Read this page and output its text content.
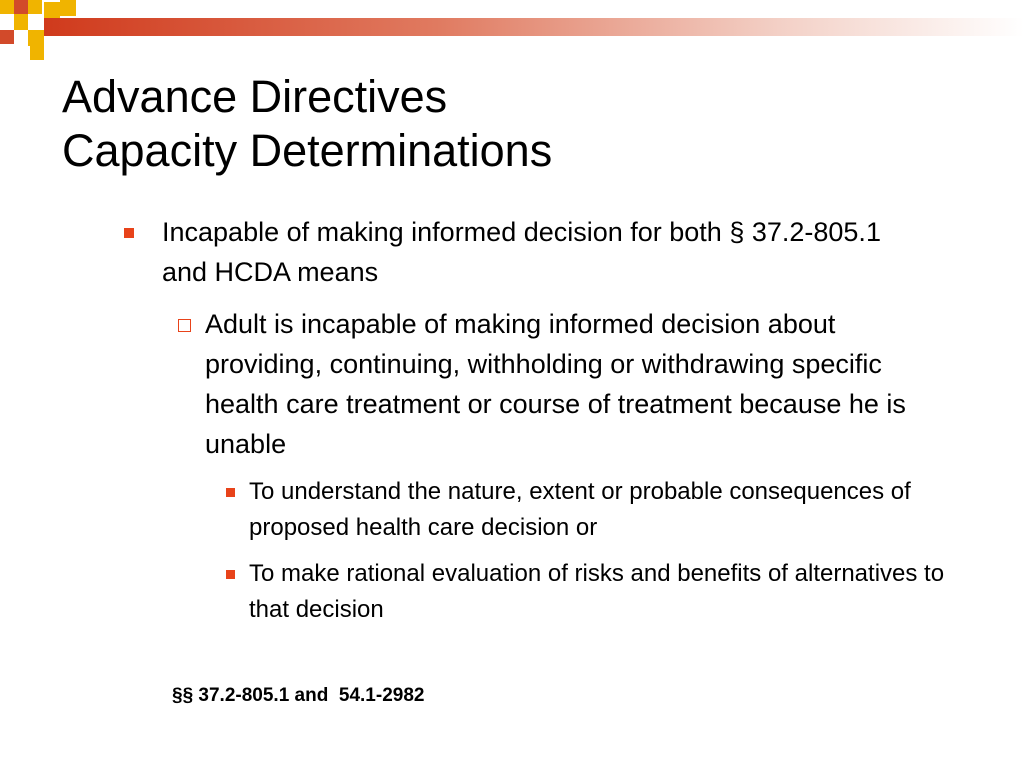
Advance Directives
Capacity Determinations
Incapable of making informed decision for both § 37.2-805.1 and HCDA means
Adult is incapable of making informed decision about providing, continuing, withholding or withdrawing specific health care treatment or course of treatment because he is unable
To understand the nature, extent or probable consequences of proposed health care decision or
To make rational evaluation of risks and benefits of alternatives to that decision
§§ 37.2-805.1 and  54.1-2982
